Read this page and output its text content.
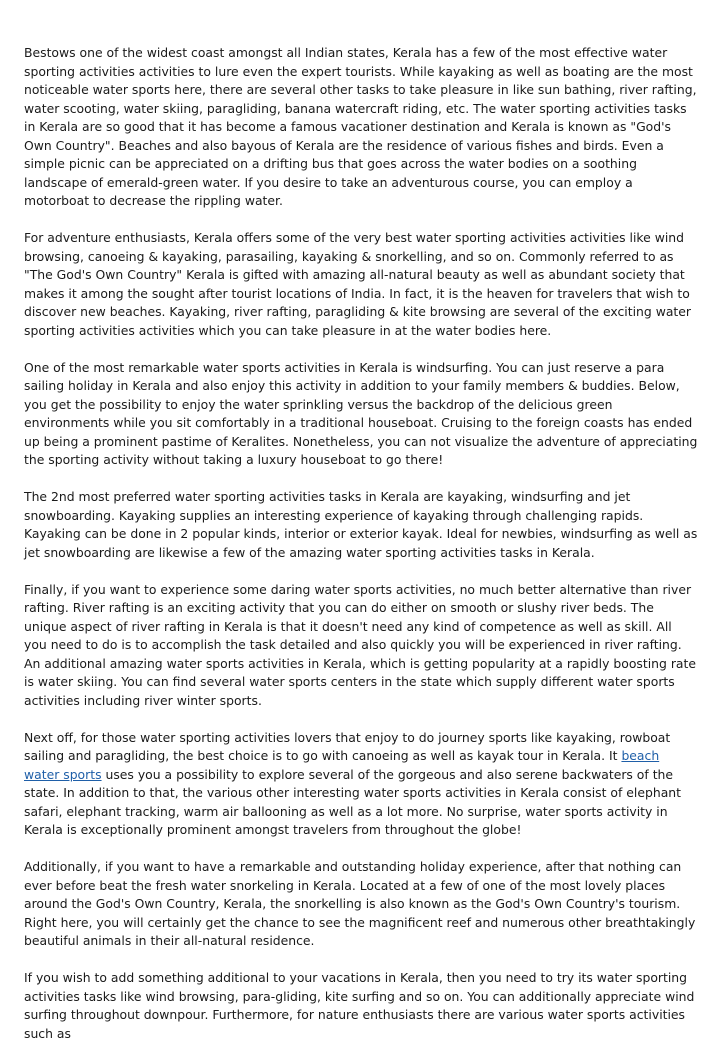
Bestows one of the widest coast amongst all Indian states, Kerala has a few of the most effective water sporting activities activities to lure even the expert tourists. While kayaking as well as boating are the most noticeable water sports here, there are several other tasks to take pleasure in like sun bathing, river rafting, water scooting, water skiing, paragliding, banana watercraft riding, etc. The water sporting activities tasks in Kerala are so good that it has become a famous vacationer destination and Kerala is known as "God's Own Country". Beaches and also bayous of Kerala are the residence of various fishes and birds. Even a simple picnic can be appreciated on a drifting bus that goes across the water bodies on a soothing landscape of emerald-green water. If you desire to take an adventurous course, you can employ a motorboat to decrease the rippling water.

For adventure enthusiasts, Kerala offers some of the very best water sporting activities activities like wind browsing, canoeing & kayaking, parasailing, kayaking & snorkelling, and so on. Commonly referred to as "The God's Own Country" Kerala is gifted with amazing all-natural beauty as well as abundant society that makes it among the sought after tourist locations of India. In fact, it is the heaven for travelers that wish to discover new beaches. Kayaking, river rafting, paragliding & kite browsing are several of the exciting water sporting activities activities which you can take pleasure in at the water bodies here.

One of the most remarkable water sports activities in Kerala is windsurfing. You can just reserve a para sailing holiday in Kerala and also enjoy this activity in addition to your family members & buddies. Below, you get the possibility to enjoy the water sprinkling versus the backdrop of the delicious green environments while you sit comfortably in a traditional houseboat. Cruising to the foreign coasts has ended up being a prominent pastime of Keralites. Nonetheless, you can not visualize the adventure of appreciating the sporting activity without taking a luxury houseboat to go there!

The 2nd most preferred water sporting activities tasks in Kerala are kayaking, windsurfing and jet snowboarding. Kayaking supplies an interesting experience of kayaking through challenging rapids. Kayaking can be done in 2 popular kinds, interior or exterior kayak. Ideal for newbies, windsurfing as well as jet snowboarding are likewise a few of the amazing water sporting activities tasks in Kerala.

Finally, if you want to experience some daring water sports activities, no much better alternative than river rafting. River rafting is an exciting activity that you can do either on smooth or slushy river beds. The unique aspect of river rafting in Kerala is that it doesn't need any kind of competence as well as skill. All you need to do is to accomplish the task detailed and also quickly you will be experienced in river rafting. An additional amazing water sports activities in Kerala, which is getting popularity at a rapidly boosting rate is water skiing. You can find several water sports centers in the state which supply different water sports activities including river winter sports.

Next off, for those water sporting activities lovers that enjoy to do journey sports like kayaking, rowboat sailing and paragliding, the best choice is to go with canoeing as well as kayak tour in Kerala. It beach water sports uses you a possibility to explore several of the gorgeous and also serene backwaters of the state. In addition to that, the various other interesting water sports activities in Kerala consist of elephant safari, elephant tracking, warm air ballooning as well as a lot more. No surprise, water sports activity in Kerala is exceptionally prominent amongst travelers from throughout the globe!

Additionally, if you want to have a remarkable and outstanding holiday experience, after that nothing can ever before beat the fresh water snorkeling in Kerala. Located at a few of one of the most lovely places around the God's Own Country, Kerala, the snorkelling is also known as the God's Own Country's tourism. Right here, you will certainly get the chance to see the magnificent reef and numerous other breathtakingly beautiful animals in their all-natural residence.

If you wish to add something additional to your vacations in Kerala, then you need to try its water sporting activities tasks like wind browsing, para-gliding, kite surfing and so on. You can additionally appreciate wind surfing throughout downpour. Furthermore, for nature enthusiasts there are various water sports activities such as
